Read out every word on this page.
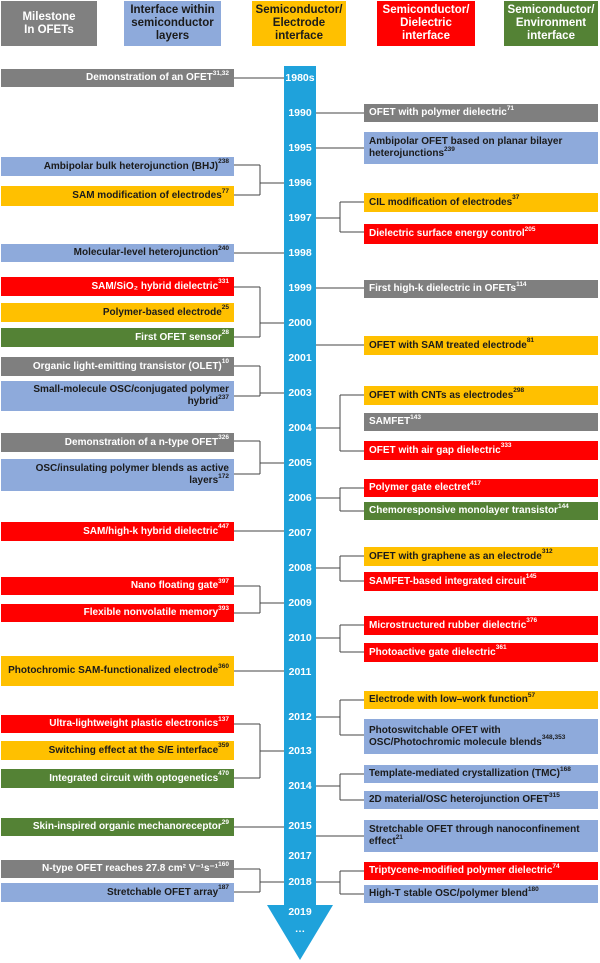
Milestone
In OFETs
Interface within
semiconductor
layers
Semiconductor/
Electrode
interface
Semiconductor/
Dielectric
interface
Semiconductor/
Environment
interface
1980s
1990
1995
1996
1997
1998
1999
2000
2001
2003
2004
2005
2006
2007
2008
2009
2010
2011
2012
2013
2014
2015
2017
2018
2019
…
Demonstration of an OFET$^{31,32}$
OFET with polymer dielectric$^{71}$
Ambipolar OFET based on planar bilayer heterojunctions$^{239}$
Ambipolar bulk heterojunction (BHJ)$^{238}$
SAM modification of electrodes$^{77}$
CIL modification of electrodes$^{37}$
Dielectric surface energy control$^{205}$
Molecular-level heterojunction$^{240}$
SAM/SiO₂ hybrid dielectric$^{331}$
First high-k dielectric in OFETs$^{114}$
Polymer-based electrode$^{25}$
First OFET sensor$^{28}$
OFET with SAM treated electrode$^{81}$
Organic light-emitting transistor (OLET)$^{10}$
Small-molecule OSC/conjugated polymer hybrid$^{237}$	OFET with CNTs as electrodes$^{298}$
SAMFET$^{143}$
OFET with air gap dielectric$^{333}$
Demonstration of a n-type OFET$^{326}$
OSC/insulating polymer blends as active layers$^{172}$
Polymer gate electret$^{417}$
Chemoresponsive monolayer transistor$^{144}$
SAM/high-k hybrid dielectric$^{447}$
OFET with graphene as an electrode$^{312}$
SAMFET-based integrated circuit$^{145}$
Nano floating gate$^{397}$
Flexible nonvolatile memory$^{393}$
Microstructured rubber dielectric$^{376}$
Photoactive gate dielectric$^{361}$
Photochromic SAM-functionalized electrode$^{360}$
Electrode with low–work function$^{57}$
Photoswitchable OFET with OSC/Photochromic molecule blends$^{348,353}$
Ultra-lightweight plastic electronics$^{137}$
Switching effect at the S/E interface$^{359}$
Integrated circuit with optogenetics$^{470}$	Template-mediated crystallization (TMC)$^{168}$
2D material/OSC heterojunction OFET$^{315}$
Skin-inspired organic mechanoreceptor$^{29}$
Stretchable OFET through nanoconfinement effect$^{21}$
N-type OFET reaches 27.8 cm² V⁻¹s⁻¹$^{160}$
Stretchable OFET array$^{187}$
Triptycene-modified polymer dielectric$^{74}$
High-T stable OSC/polymer blend$^{180}$
